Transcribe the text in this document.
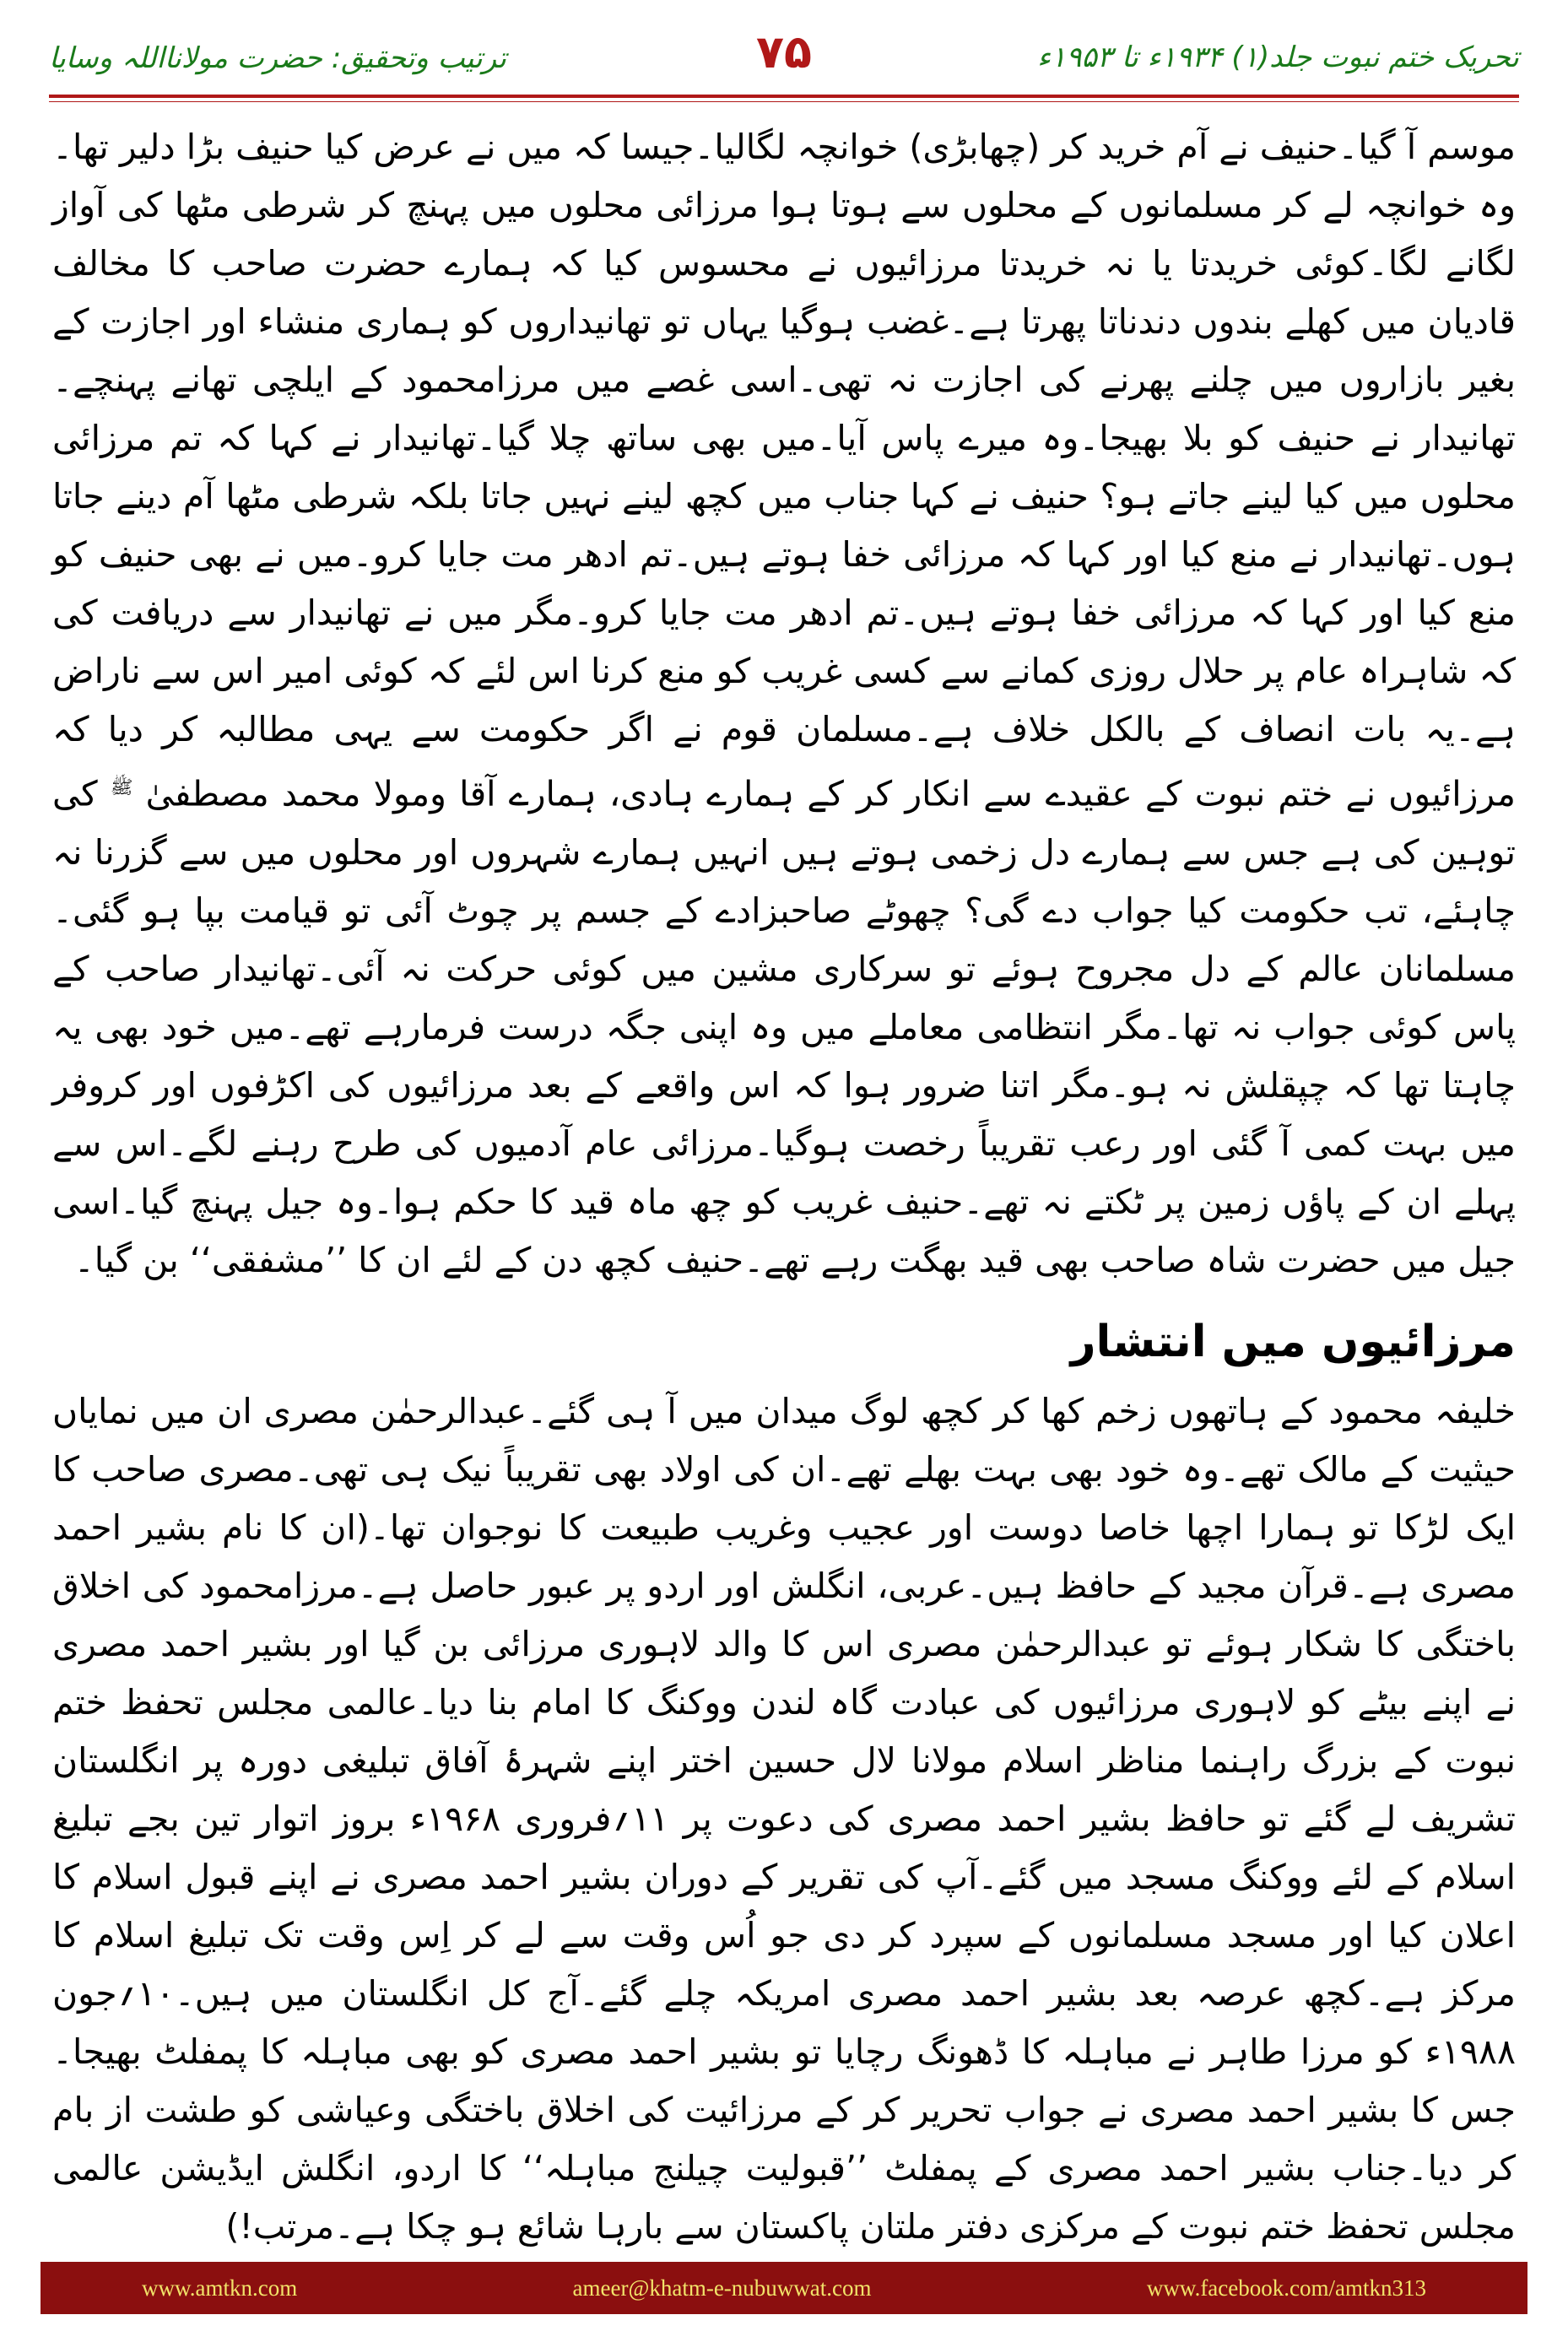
تحریک ختم نبوت جلد(۱) ۱۹۳۴ء تا ۱۹۵۳ء
۷۵
ترتیب وتحقیق: حضرت مولانااللہ وسایا

موسم آ گیا۔حنیف نے آم خرید کر (چھابڑی) خوانچہ لگالیا۔جیسا کہ میں نے عرض کیا حنیف بڑا دلیر تھا۔وہ خوانچہ لے کر مسلمانوں کے محلوں سے ہوتا ہوا مرزائی محلوں میں پہنچ کر شرطی مٹھا کی آواز لگانے لگا۔کوئی خریدتا یا نہ خریدتا مرزائیوں نے محسوس کیا کہ ہمارے حضرت صاحب کا مخالف قادیان میں کھلے بندوں دندناتا پھرتا ہے۔غضب ہوگیا یہاں تو تھانیداروں کو ہماری منشاء اور اجازت کے بغیر بازاروں میں چلنے پھرنے کی اجازت نہ تھی۔اسی غصے میں مرزامحمود کے ایلچی تھانے پہنچے۔تھانیدار نے حنیف کو بلا بھیجا۔وہ میرے پاس آیا۔میں بھی ساتھ چلا گیا۔تھانیدار نے کہا کہ تم مرزائی محلوں میں کیا لینے جاتے ہو؟ حنیف نے کہا جناب میں کچھ لینے نہیں جاتا بلکہ شرطی مٹھا آم دینے جاتا ہوں۔تھانیدار نے منع کیا اور کہا کہ مرزائی خفا ہوتے ہیں۔تم ادھر مت جایا کرو۔میں نے بھی حنیف کو منع کیا اور کہا کہ مرزائی خفا ہوتے ہیں۔تم ادھر مت جایا کرو۔مگر میں نے تھانیدار سے دریافت کی کہ شاہراہ عام پر حلال روزی کمانے سے کسی غریب کو منع کرنا اس لئے کہ کوئی امیر اس سے ناراض ہے۔یہ بات انصاف کے بالکل خلاف ہے۔مسلمان قوم نے اگر حکومت سے یہی مطالبہ کر دیا کہ مرزائیوں نے ختم نبوت کے عقیدے سے انکار کر کے ہمارے ہادی، ہمارے آقا ومولا محمد مصطفیٰ $^ﷺ$ کی توہین کی ہے جس سے ہمارے دل زخمی ہوتے ہیں انہیں ہمارے شہروں اور محلوں میں سے گزرنا نہ چاہئے، تب حکومت کیا جواب دے گی؟ چھوٹے صاحبزادے کے جسم پر چوٹ آئی تو قیامت بپا ہو گئی۔مسلمانان عالم کے دل مجروح ہوئے تو سرکاری مشین میں کوئی حرکت نہ آئی۔تھانیدار صاحب کے پاس کوئی جواب نہ تھا۔مگر انتظامی معاملے میں وہ اپنی جگہ درست فرمارہے تھے۔میں خود بھی یہ چاہتا تھا کہ چپقلش نہ ہو۔مگر اتنا ضرور ہوا کہ اس واقعے کے بعد مرزائیوں کی اکڑفوں اور کروفر میں بہت کمی آ گئی اور رعب تقریباً رخصت ہوگیا۔مرزائی عام آدمیوں کی طرح رہنے لگے۔اس سے پہلے ان کے پاؤں زمین پر ٹکتے نہ تھے۔حنیف غریب کو چھ ماہ قید کا حکم ہوا۔وہ جیل پہنچ گیا۔اسی جیل میں حضرت شاہ صاحب بھی قید بھگت رہے تھے۔حنیف کچھ دن کے لئے ان کا ’’مشفقی‘‘ بن گیا۔

مرزائیوں میں انتشار

خلیفہ محمود کے ہاتھوں زخم کھا کر کچھ لوگ میدان میں آ ہی گئے۔عبدالرحمٰن مصری ان میں نمایاں حیثیت کے مالک تھے۔وہ خود بھی بہت بھلے تھے۔ان کی اولاد بھی تقریباً نیک ہی تھی۔مصری صاحب کا ایک لڑکا تو ہمارا اچھا خاصا دوست اور عجیب وغریب طبیعت کا نوجوان تھا۔(ان کا نام بشیر احمد مصری ہے۔قرآن مجید کے حافظ ہیں۔عربی، انگلش اور اردو پر عبور حاصل ہے۔مرزامحمود کی اخلاق باختگی کا شکار ہوئے تو عبدالرحمٰن مصری اس کا والد لاہوری مرزائی بن گیا اور بشیر احمد مصری نے اپنے بیٹے کو لاہوری مرزائیوں کی عبادت گاہ لندن ووکنگ کا امام بنا دیا۔عالمی مجلس تحفظ ختم نبوت کے بزرگ راہنما مناظر اسلام مولانا لال حسین اختر اپنے شہرۂ آفاق تبلیغی دورہ پر انگلستان تشریف لے گئے تو حافظ بشیر احمد مصری کی دعوت پر ۱۱؍فروری ۱۹۶۸ء بروز اتوار تین بجے تبلیغ اسلام کے لئے ووکنگ مسجد میں گئے۔آپ کی تقریر کے دوران بشیر احمد مصری نے اپنے قبول اسلام کا اعلان کیا اور مسجد مسلمانوں کے سپرد کر دی جو اُس وقت سے لے کر اِس وقت تک تبلیغ اسلام کا مرکز ہے۔کچھ عرصہ بعد بشیر احمد مصری امریکہ چلے گئے۔آج کل انگلستان میں ہیں۔۱۰؍جون ۱۹۸۸ء کو مرزا طاہر نے مباہلہ کا ڈھونگ رچایا تو بشیر احمد مصری کو بھی مباہلہ کا پمفلٹ بھیجا۔جس کا بشیر احمد مصری نے جواب تحریر کر کے مرزائیت کی اخلاق باختگی وعیاشی کو طشت از بام کر دیا۔جناب بشیر احمد مصری کے پمفلٹ ’’قبولیت چیلنج مباہلہ‘‘ کا اردو، انگلش ایڈیشن عالمی مجلس تحفظ ختم نبوت کے مرکزی دفتر ملتان پاکستان سے بارہا شائع ہو چکا ہے۔مرتب!)

www.amtkn.com	ameer@khatm-e-nubuwwat.com	www.facebook.com/amtkn313
